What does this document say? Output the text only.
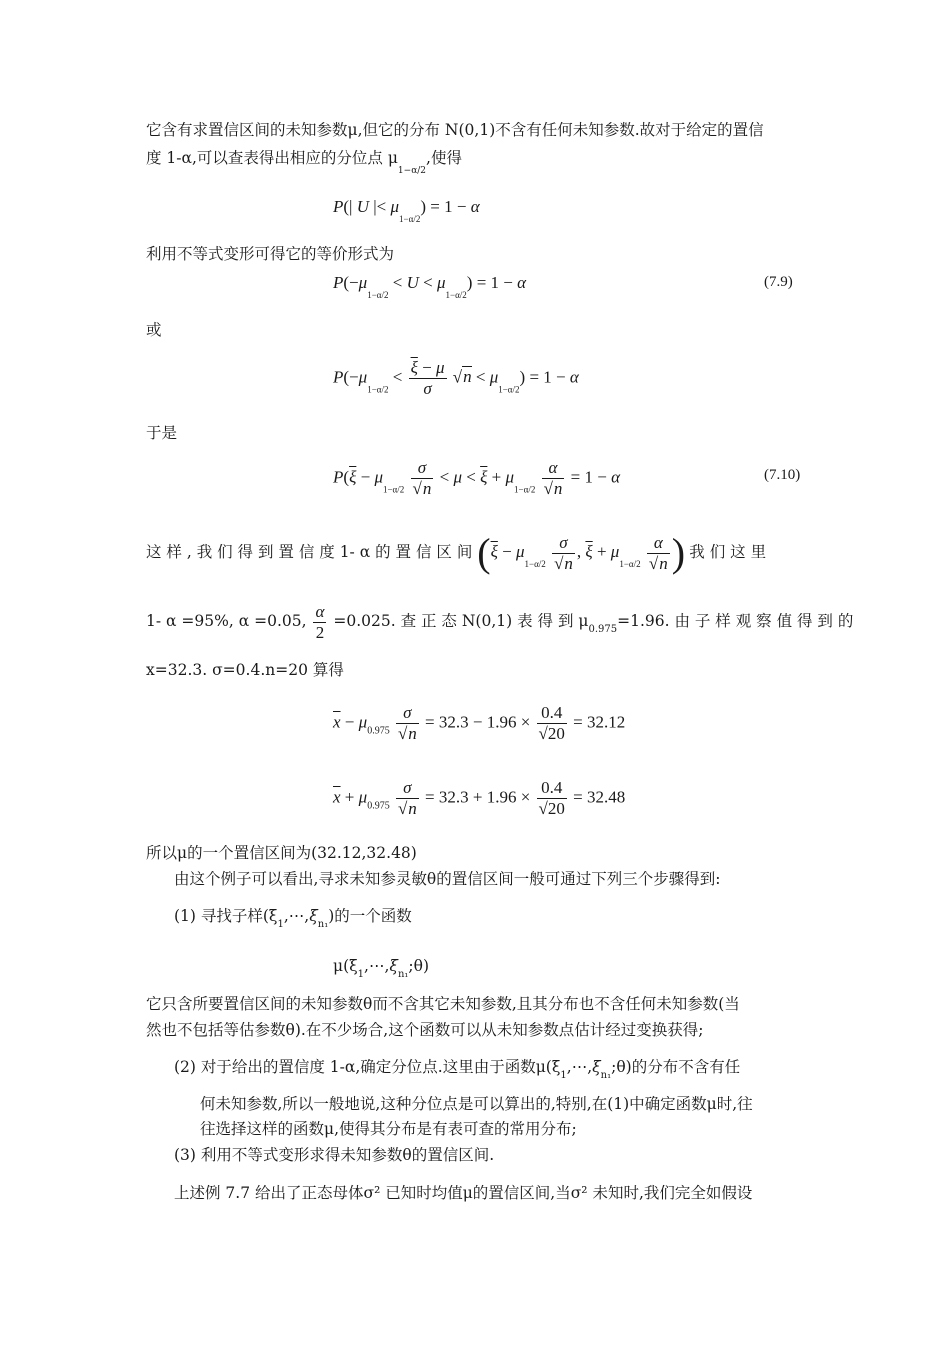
它含有求置信区间的未知参数μ,但它的分布 N(0,1)不含有任何未知参数.故对于给定的置信
度 1-α,可以查表得出相应的分位点 $\mu_{1-\alpha/2}$,使得
P(| U |< $\mu_{1-\alpha/2}) = 1 - \alpha$
利用不等式变形可得它的等价形式为
$P(-\mu_{1-\alpha/2} < U < \mu_{1-\alpha/2}) = 1 - \alpha$	(7.9)
或
$P(-\mu_{1-\alpha/2} < \frac{\overline{\xi} - \mu}{\sigma} √n < \mu_{1-\alpha/2}) = 1 - \alpha$
于是
$P(\overline{\xi} - \mu_{1-\alpha/2} \frac{\sigma}{√n} < \mu < \overline{\xi} + \mu_{1-\alpha/2} \frac{\alpha}{√n} = 1 - \alpha$	(7.10)
这 样 , 我 们 得 到 置 信 度 1- α 的 置 信 区 间 ($\overline{\xi} - \mu_{1-\alpha/2} \frac{\sigma}{√n}$ , $\overline{\xi} + \mu_{1-\alpha/2} \frac{\alpha}{√n}$ ) 我 们 这 里
1- α =95%, α =0.05, $\frac{\alpha}{2} =0.025$. 查 正 态 N(0,1) 表 得 到 $\mu_{0.975}=1.96$. 由 子 样 观 察 值 得 到 的
x=32.3. σ=0.4.n=20 算得
$\overline{x} - \mu_{0.975} \frac{\sigma}{√n} = 32.3 - 1.96 \times \frac{0.4}{√20} = 32.12$
$\overline{x} + \mu_{0.975} \frac{\sigma}{√n} = 32.3 + 1.96 \times \frac{0.4}{√20} = 32.48$
所以μ的一个置信区间为(32.12,32.48)
由这个例子可以看出,寻求未知参灵敏θ的置信区间一般可通过下列三个步骤得到:
(1) 寻找子样$(\xi_1,\cdots,\xi_{n_1})$的一个函数
$\mu(\xi_1,\cdots,\xi_{n_1};\theta)$
它只含所要置信区间的未知参数θ而不含其它未知参数,且其分布也不含任何未知参数(当
然也不包括等估参数θ).在不少场合,这个函数可以从未知参数点估计经过变换获得;
(2) 对于给出的置信度 1-α,确定分位点.这里由于函数$\mu(\xi_1,\cdots,\xi_{n_1};\theta)$的分布不含有任
何未知参数,所以一般地说,这种分位点是可以算出的,特别,在(1)中确定函数μ时,往
往选择这样的函数μ,使得其分布是有表可查的常用分布;
(3) 利用不等式变形求得未知参数θ的置信区间.
上述例 7.7 给出了正态母体σ² 已知时均值μ的置信区间,当σ² 未知时,我们完全如假设
